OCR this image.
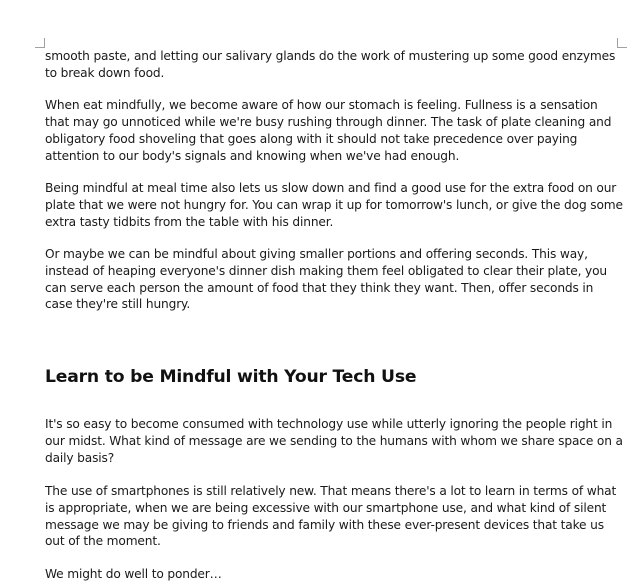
smooth paste, and letting our salivary glands do the work of mustering up some good enzymes to break down food.

When eat mindfully, we become aware of how our stomach is feeling. Fullness is a sensation that may go unnoticed while we're busy rushing through dinner. The task of plate cleaning and obligatory food shoveling that goes along with it should not take precedence over paying attention to our body's signals and knowing when we've had enough.

Being mindful at meal time also lets us slow down and find a good use for the extra food on our plate that we were not hungry for. You can wrap it up for tomorrow's lunch, or give the dog some extra tasty tidbits from the table with his dinner.

Or maybe we can be mindful about giving smaller portions and offering seconds. This way, instead of heaping everyone's dinner dish making them feel obligated to clear their plate, you can serve each person the amount of food that they think they want. Then, offer seconds in case they're still hungry.

Learn to be Mindful with Your Tech Use

It's so easy to become consumed with technology use while utterly ignoring the people right in our midst. What kind of message are we sending to the humans with whom we share space on a daily basis?

The use of smartphones is still relatively new. That means there's a lot to learn in terms of what is appropriate, when we are being excessive with our smartphone use, and what kind of silent message we may be giving to friends and family with these ever-present devices that take us out of the moment.

We might do well to ponder…
